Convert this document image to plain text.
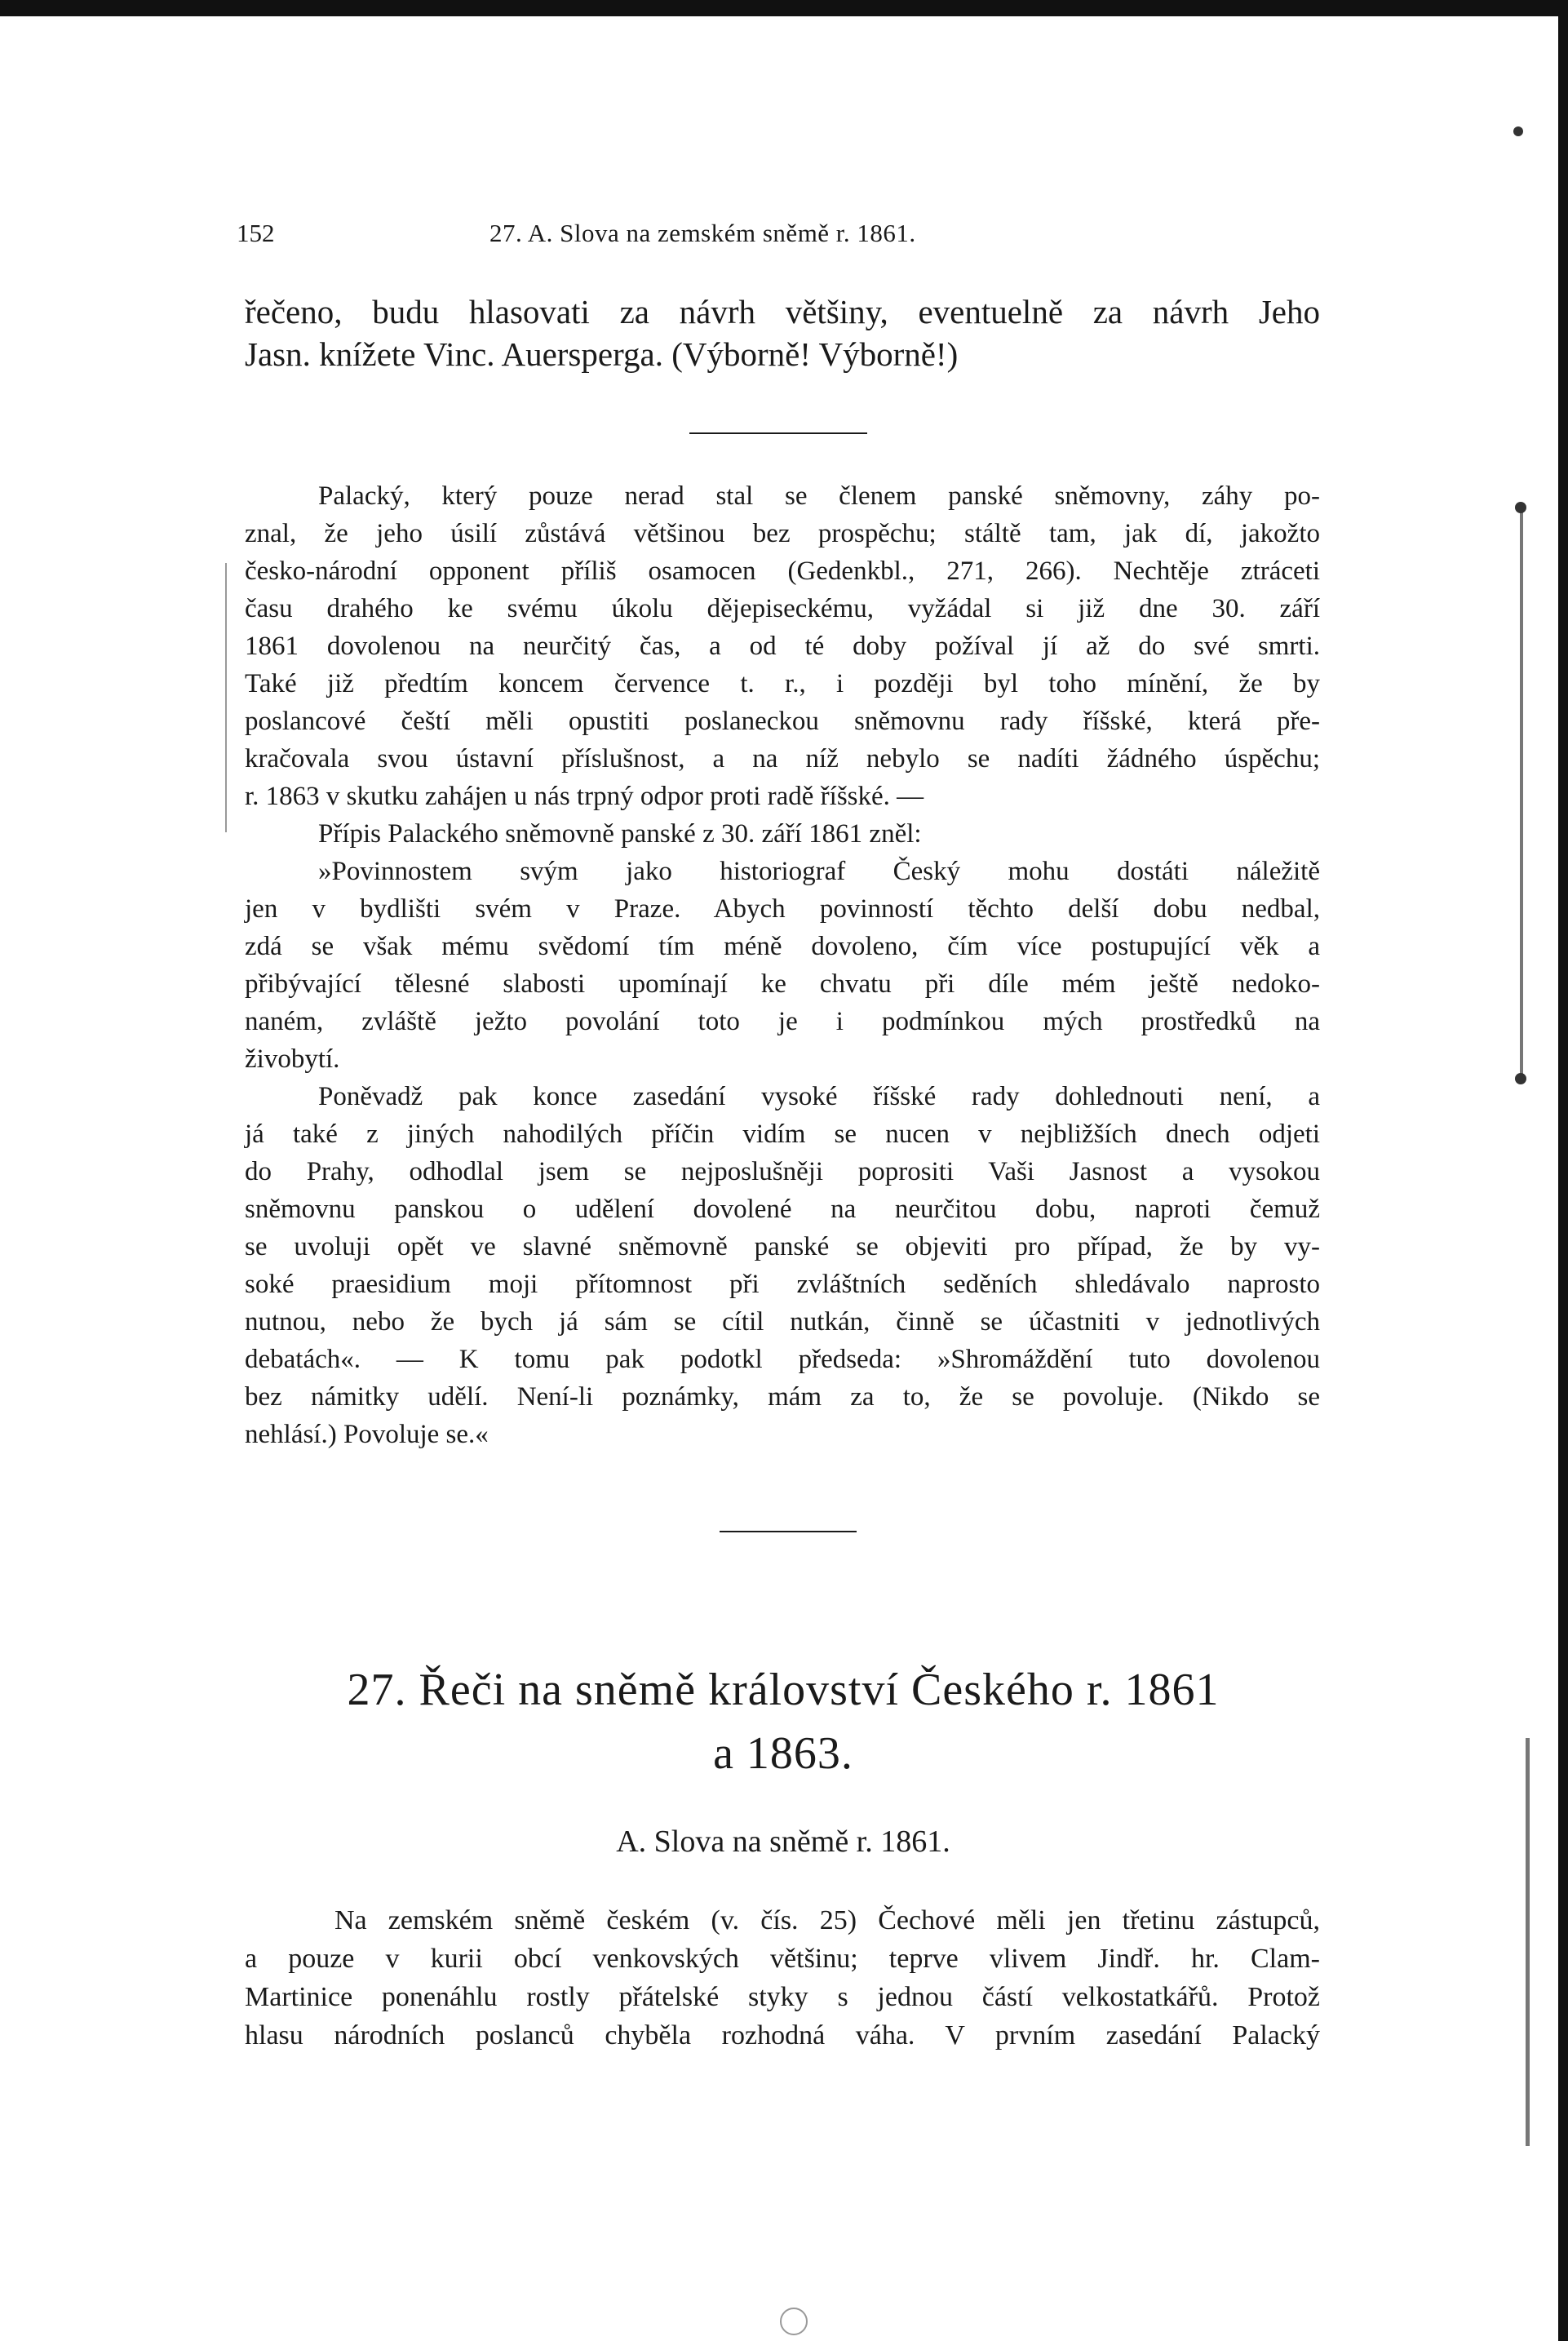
152	27. A. Slova na zemském sněmě r. 1861.
řečeno, budu hlasovati za návrh většiny, eventuelně za návrh Jeho
Jasn. knížete Vinc. Auersperga. (Výborně! Výborně!)
Palacký, který pouze nerad stal se členem panské sněmovny, záhy po-
znal, že jeho úsilí zůstává většinou bez prospěchu; stáltě tam, jak dí, jakožto
česko-národní opponent příliš osamocen (Gedenkbl., 271, 266). Nechtěje ztráceti
času drahého ke svému úkolu dějepiseckému, vyžádal si již dne 30. září
1861 dovolenou na neurčitý čas, a od té doby požíval jí až do své smrti.
Také již předtím koncem července t. r., i později byl toho mínění, že by
poslancové čeští měli opustiti poslaneckou sněmovnu rady říšské, která pře-
kračovala svou ústavní příslušnost, a na níž nebylo se nadíti žádného úspěchu;
r. 1863 v skutku zahájen u nás trpný odpor proti radě říšské. —
Přípis Palackého sněmovně panské z 30. září 1861 zněl:
»Povinnostem svým jako historiograf Český mohu dostáti náležitě
jen v bydlišti svém v Praze. Abych povinností těchto delší dobu nedbal,
zdá se však mému svědomí tím méně dovoleno, čím více postupující věk a
přibývající tělesné slabosti upomínají ke chvatu při díle mém ještě nedoko-
naném, zvláště ježto povolání toto je i podmínkou mých prostředků na
živobytí.
Poněvadž pak konce zasedání vysoké říšské rady dohlednouti není, a
já také z jiných nahodilých příčin vidím se nucen v nejbližších dnech odjeti
do Prahy, odhodlal jsem se nejposlušněji poprositi Vaši Jasnost a vysokou
sněmovnu panskou o udělení dovolené na neurčitou dobu, naproti čemuž
se uvoluji opět ve slavné sněmovně panské se objeviti pro případ, že by vy-
soké praesidium moji přítomnost při zvláštních seděních shledávalo naprosto
nutnou, nebo že bych já sám se cítil nutkán, činně se účastniti v jednotlivých
debatách«. — K tomu pak podotkl předseda: »Shromáždění tuto dovolenou
bez námitky udělí. Není-li poznámky, mám za to, že se povoluje. (Nikdo se
nehlásí.) Povoluje se.«
27. Řeči na sněmě království Českého r. 1861
a 1863.
A. Slova na sněmě r. 1861.
Na zemském sněmě českém (v. čís. 25) Čechové měli jen třetinu zástupců,
a pouze v kurii obcí venkovských většinu; teprve vlivem Jindř. hr. Clam-
Martinice ponenáhlu rostly přátelské styky s jednou částí velkostatkářů. Protož
hlasu národních poslanců chyběla rozhodná váha. V prvním zasedání Palacký
